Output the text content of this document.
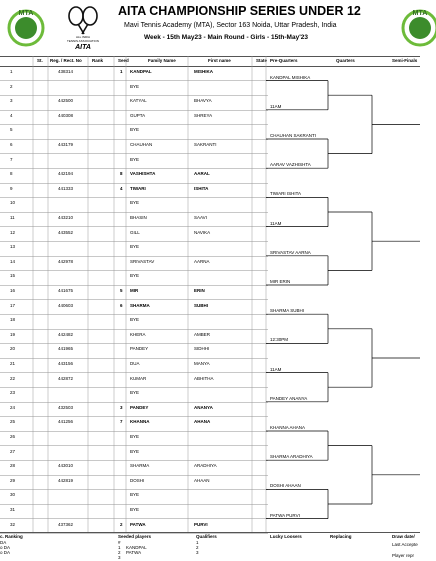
MTA
ALL INDIA
TENNIS ASSOCIATION
AITA
AITA CHAMPIONSHIP SERIES UNDER 12
Mavi Tennis Academy (MTA), Sector 163 Noida, Uttar Pradesh, India
Week - 15th May23 - Main Round - Girls - 15th-May'23
MTA
St. Reg. / Rect. No Rank	Seed	Family Name	First name	State Pre-Quarters	Quarters	Semi-Finals
1	438314	1 KANDPAL	MISHIKA
2	BYE
3	442500	KATYAL	BHAVYA
4	440308	GUPTA	SHREYA
5	BYE
6	443179	CHAUHAN	SAKRANTI
7	BYE
8	442194	8 VASHISHTA	AARAL
9	441333	4 TIWARI	ISHITA
10	BYE
11	443210	BHASIN	SAAVI
12	443552	GILL	NAVIKA
13	BYE
14	442978	SRIVASTAV	AARNA
15	BYE
16	441675	5 MIR	ERIN
17	440603	6 SHARMA	SUBHI
18	BYE
19	442482	KHERA	AMBER
20	441965	PANDEY	SIDHHI
21	443156	DUA	MANYA
22	442872	KUMAR	ABHITHA
23	BYE
24	432503	3 PANDEY	ANANYA
25	441256	7 KHANNA	AHANA
26	BYE
27	BYE
28	443010	SHARMA	ARADHIYA
29	442819	DOSHI	AHAAN
30	BYE
31	BYE
32	437362	2 PATWA	PURVI
KANDPAL MISHIKA
11AM
CHAUHAN SAKRANTI
AARAV VAZHISHTA
TIWARI ISHITA
11AM
SRIVASTAV AARNA
MIR ERIN
SHARMA SUBHI
12:30PM
11AM
PANDEY ANANYA
KHANNA AHANA
SHARMA ARADHIYA
DOSHI AHAAN
PATWA PURVI
c. Ranking	Seeded players	Qualifiers	Lucky Loosers	Replacing	Draw date/
Last Accepte
Player repr
DA	#	1
o DA	1 KANDPAL	2
o DA	2 PATWA	3
3
